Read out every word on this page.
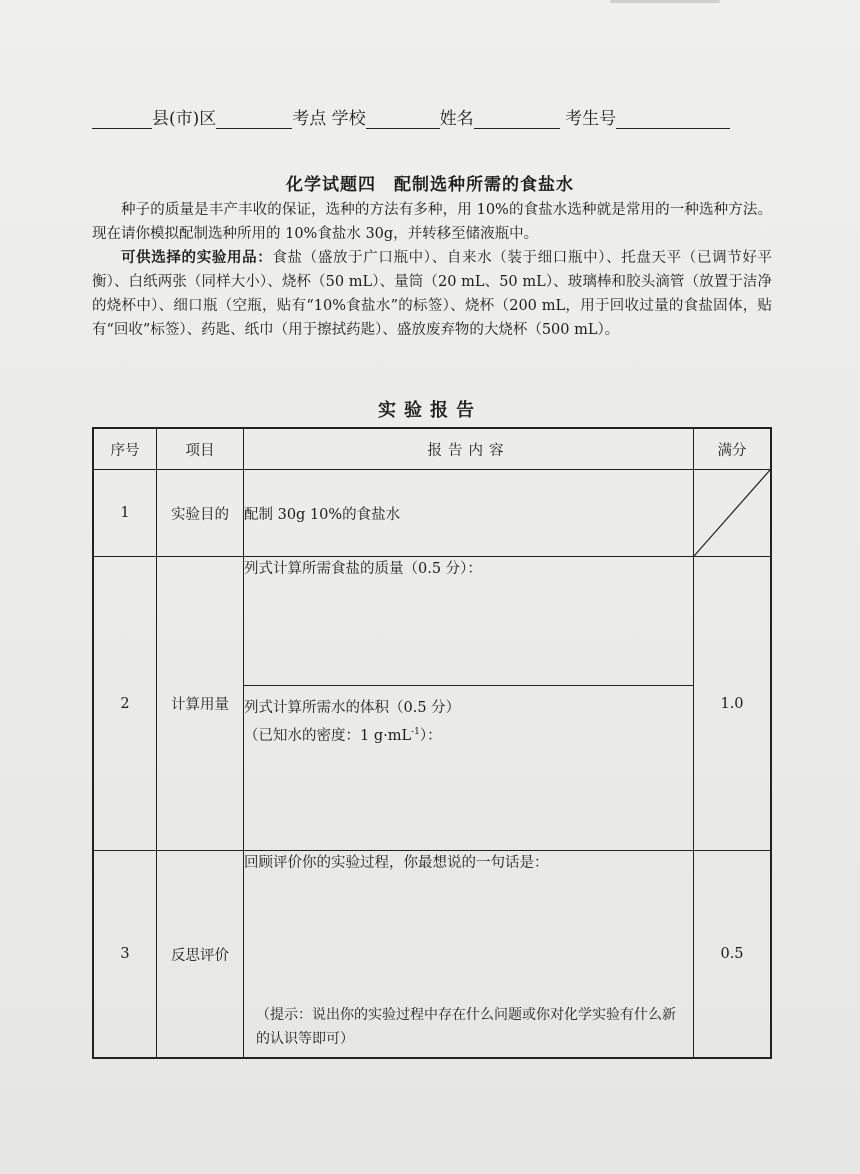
县(市)区	考点 学校	姓名	考生号
化学试题四　配制选种所需的食盐水

种子的质量是丰产丰收的保证，选种的方法有多种，用 10%的食盐水选种就是常用的一种选种方法。现在请你模拟配制选种所用的 10%食盐水 30g，并转移至储液瓶中。

可供选择的实验用品：食盐（盛放于广口瓶中）、自来水（装于细口瓶中）、托盘天平（已调节好平衡）、白纸两张（同样大小）、烧杯（50 mL）、量筒（20 mL、50 mL）、玻璃棒和胶头滴管（放置于洁净的烧杯中）、细口瓶（空瓶，贴有“10%食盐水”的标签）、烧杯（200 mL，用于回收过量的食盐固体，贴有“回收”标签）、药匙、纸巾（用于擦拭药匙）、盛放废弃物的大烧杯（500 mL）。

实验报告
序号	项目	报告内容	满分
1	实验目的	配制 30g 10%的食盐水	

2	计算用量	列式计算所需食盐的质量（0.5 分）：	1.0

		列式计算所需水的体积（0.5 分）
（已知水的密度：1 $g\cdot mL^{-1}$）：	

3	反思评价	回顾评价你的实验过程，你最想说的一句话是：
（提示：说出你的实验过程中存在什么问题或你对化学实验有什么新的认识等即可）	0.5
